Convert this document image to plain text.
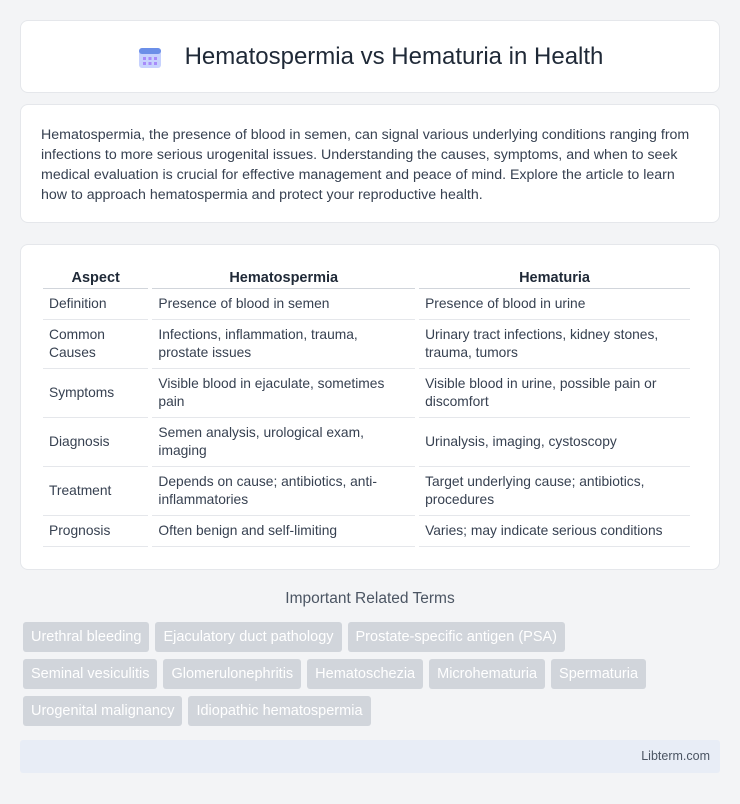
Hematospermia vs Hematuria in Health

Hematospermia, the presence of blood in semen, can signal various underlying conditions ranging from infections to more serious urogenital issues. Understanding the causes, symptoms, and when to seek medical evaluation is crucial for effective management and peace of mind. Explore the article to learn how to approach hematospermia and protect your reproductive health.

Aspect	Hematospermia	Hematuria
Definition	Presence of blood in semen	Presence of blood in urine
Common Causes	Infections, inflammation, trauma, prostate issues	Urinary tract infections, kidney stones, trauma, tumors
Symptoms	Visible blood in ejaculate, sometimes pain	Visible blood in urine, possible pain or discomfort
Diagnosis	Semen analysis, urological exam, imaging	Urinalysis, imaging, cystoscopy
Treatment	Depends on cause; antibiotics, anti-inflammatories	Target underlying cause; antibiotics, procedures
Prognosis	Often benign and self-limiting	Varies; may indicate serious conditions
Important Related Terms
Urethral bleeding	Ejaculatory duct pathology	Prostate-specific antigen (PSA)
Seminal vesiculitis	Glomerulonephritis	Hematoschezia	Microhematuria	Spermaturia
Urogenital malignancy	Idiopathic hematospermia
Libterm.com
